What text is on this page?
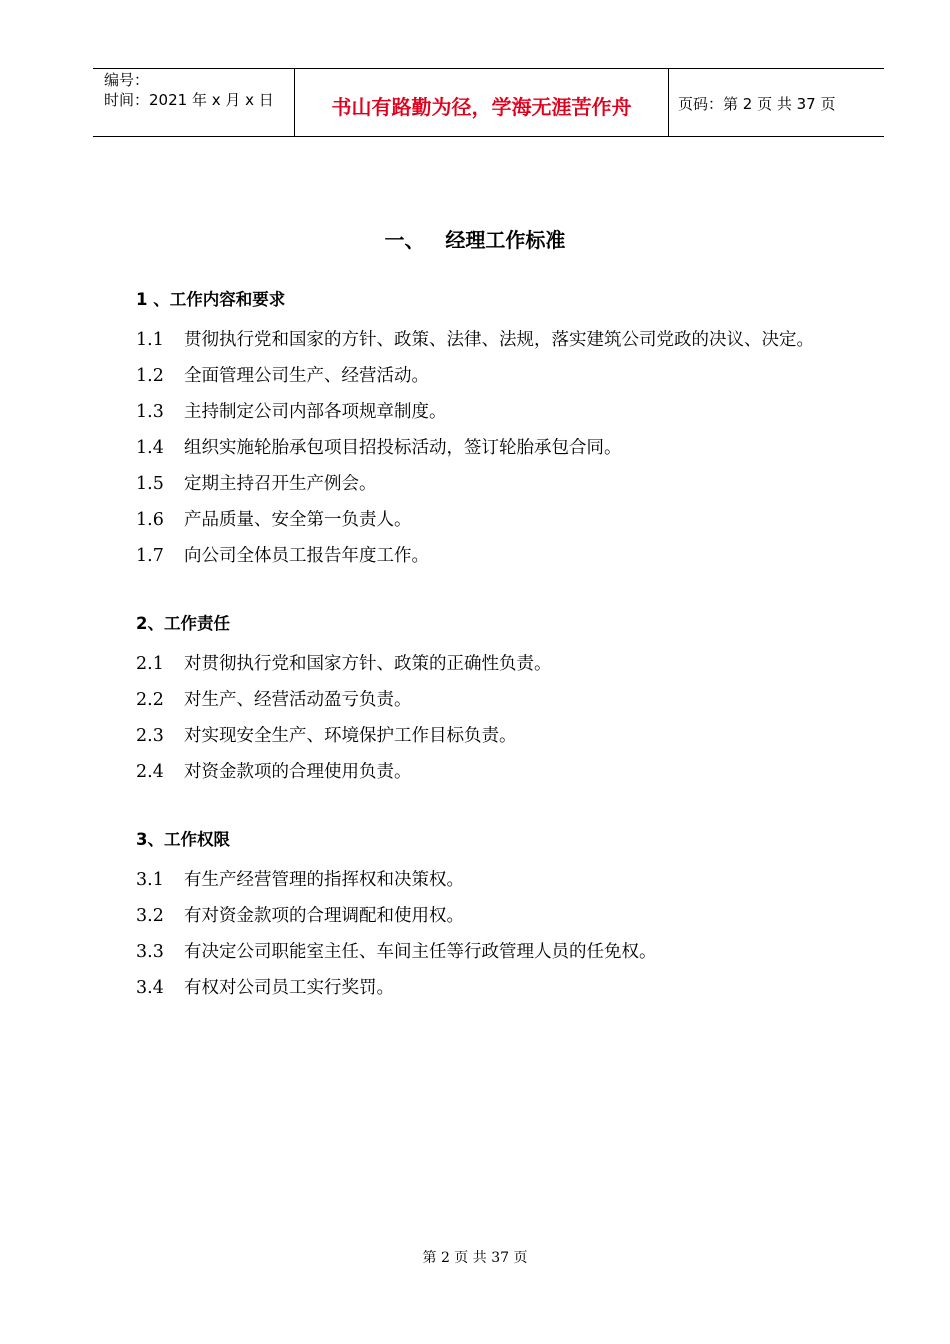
编号：
时间：2021 年 x 月 x 日	书山有路勤为径，学海无涯苦作舟	页码：第 2 页 共 37 页
一、   经理工作标准
1 、工作内容和要求
1.1 贯彻执行党和国家的方针、政策、法律、法规，落实建筑公司党政的决议、决定。
1.2 全面管理公司生产、经营活动。
1.3 主持制定公司内部各项规章制度。
1.4 组织实施轮胎承包项目招投标活动，签订轮胎承包合同。
1.5 定期主持召开生产例会。
1.6 产品质量、安全第一负责人。
1.7 向公司全体员工报告年度工作。
2、工作责任
2.1 对贯彻执行党和国家方针、政策的正确性负责。
2.2 对生产、经营活动盈亏负责。
2.3 对实现安全生产、环境保护工作目标负责。
2.4 对资金款项的合理使用负责。
3、工作权限
3.1 有生产经营管理的指挥权和决策权。
3.2 有对资金款项的合理调配和使用权。
3.3 有决定公司职能室主任、车间主任等行政管理人员的任免权。
3.4 有权对公司员工实行奖罚。
第 2 页 共 37 页
